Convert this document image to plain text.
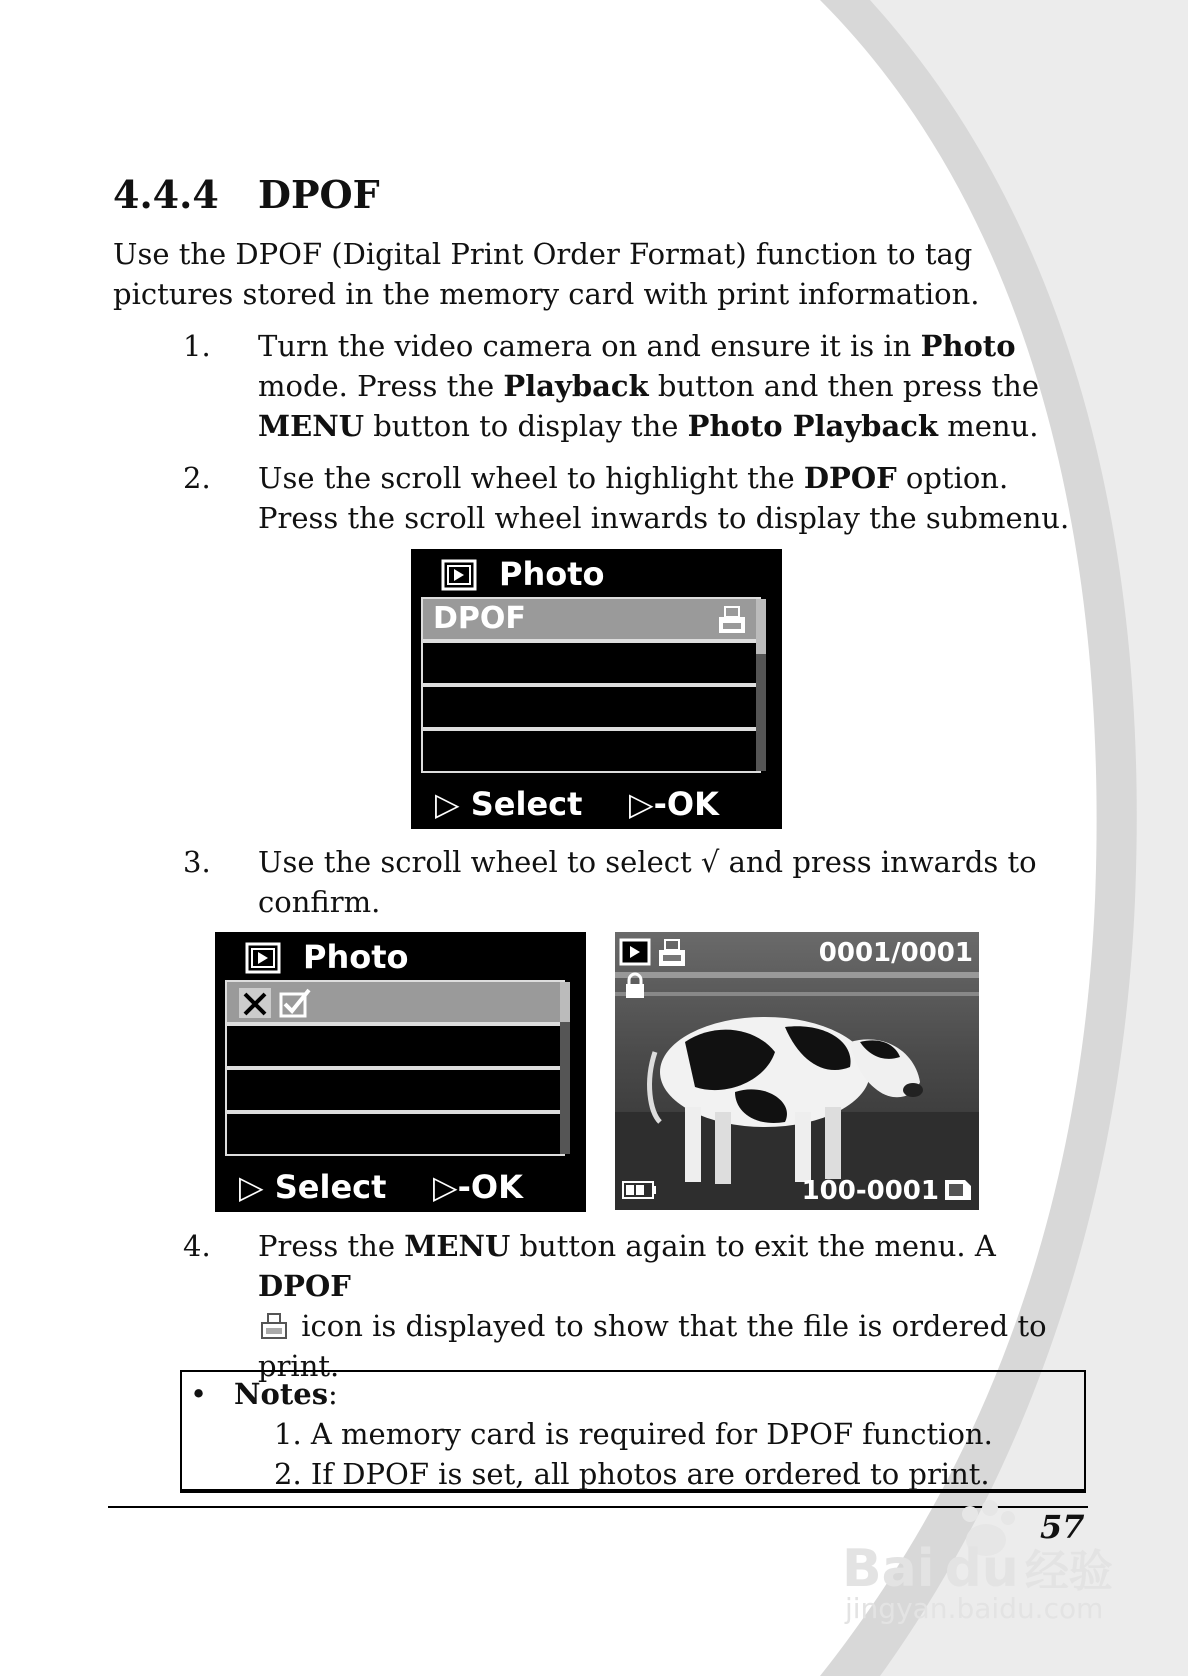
4.4.4 DPOF
Use the DPOF (Digital Print Order Format) function to tag pictures stored in the memory card with print information.
1. Turn the video camera on and ensure it is in Photo mode. Press the Playback button and then press the MENU button to display the Photo Playback menu.
2. Use the scroll wheel to highlight the DPOF option. Press the scroll wheel inwards to display the submenu.
Photo
DPOF
▷ Select ▷-OK
3. Use the scroll wheel to select √ and press inwards to confirm.
Photo
▷ Select ▷-OK
0001/0001
100-0001
4. Press the MENU button again to exit the menu. A DPOF
icon is displayed to show that the file is ordered to print.
• Notes:
1. A memory card is required for DPOF function.
2. If DPOF is set, all photos are ordered to print.
57
Bai du 经验
jingyan.baidu.com
